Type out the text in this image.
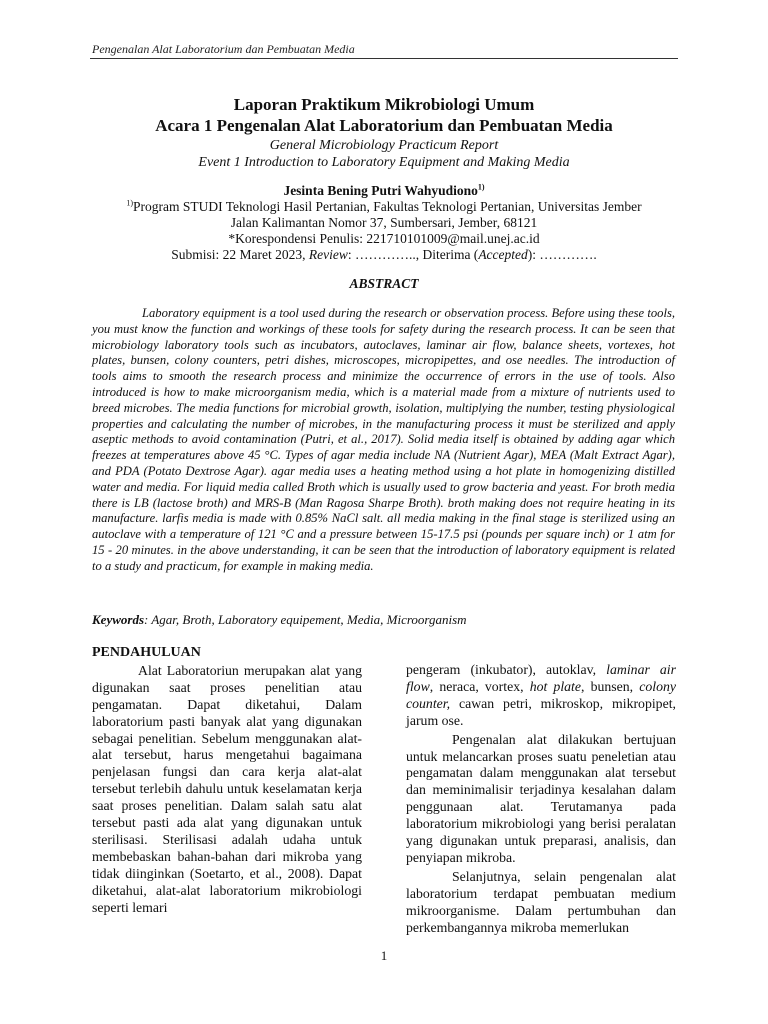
Pengenalan Alat Laboratorium dan Pembuatan Media
Laporan Praktikum Mikrobiologi Umum
Acara 1 Pengenalan Alat Laboratorium dan Pembuatan Media
General Microbiology Practicum Report
Event 1 Introduction to Laboratory Equipment and Making Media
Jesinta Bening Putri Wahyudiono$^{1)}$
$^{1)}$Program STUDI Teknologi Hasil Pertanian, Fakultas Teknologi Pertanian, Universitas Jember
Jalan Kalimantan Nomor 37, Sumbersari, Jember, 68121
*Korespondensi Penulis: 221710101009@mail.unej.ac.id
Submisi: 22 Maret 2023, Review: ………….., Diterima (Accepted): ………….
ABSTRACT

Laboratory equipment is a tool used during the research or observation process. Before using these tools, you must know the function and workings of these tools for safety during the research process. It can be seen that microbiology laboratory tools such as incubators, autoclaves, laminar air flow, balance sheets, vortexes, hot plates, bunsen, colony counters, petri dishes, microscopes, micropipettes, and ose needles. The introduction of tools aims to smooth the research process and minimize the occurrence of errors in the use of tools. Also introduced is how to make microorganism media, which is a material made from a mixture of nutrients used to breed microbes. The media functions for microbial growth, isolation, multiplying the number, testing physiological properties and calculating the number of microbes, in the manufacturing process it must be sterilized and apply aseptic methods to avoid contamination (Putri, et al., 2017). Solid media itself is obtained by adding agar which freezes at temperatures above 45 °C. Types of agar media include NA (Nutrient Agar), MEA (Malt Extract Agar), and PDA (Potato Dextrose Agar). agar media uses a heating method using a hot plate in homogenizing distilled water and media. For liquid media called Broth which is usually used to grow bacteria and yeast. For broth media there is LB (lactose broth) and MRS-B (Man Ragosa Sharpe Broth). broth making does not require heating in its manufacture. larfis media is made with 0.85% NaCl salt. all media making in the final stage is sterilized using an autoclave with a temperature of 121 °C and a pressure between 15-17.5 psi (pounds per square inch) or 1 atm for 15 - 20 minutes. in the above understanding, it can be seen that the introduction of laboratory equipment is related to a study and practicum, for example in making media.

Keywords: Agar, Broth, Laboratory equipement, Media, Microorganism

PENDAHULUAN

Alat Laboratoriun merupakan alat yang digunakan saat proses penelitian atau pengamatan. Dapat diketahui, Dalam laboratorium pasti banyak alat yang digunakan sebagai penelitian. Sebelum menggunakan alat-alat tersebut, harus mengetahui bagaimana penjelasan fungsi dan cara kerja alat-alat tersebut terlebih dahulu untuk keselamatan kerja saat proses penelitian. Dalam salah satu alat tersebut pasti ada alat yang digunakan untuk sterilisasi. Sterilisasi adalah udaha untuk membebaskan bahan-bahan dari mikroba yang tidak diinginkan (Soetarto, et al., 2008). Dapat diketahui, alat-alat laboratorium mikrobiologi seperti lemari

pengeram (inkubator), autoklav, laminar air flow, neraca, vortex, hot plate, bunsen, colony counter, cawan petri, mikroskop, mikropipet, jarum ose.

Pengenalan alat dilakukan bertujuan untuk melancarkan proses suatu peneletian atau pengamatan dalam menggunakan alat tersebut dan meminimalisir terjadinya kesalahan dalam penggunaan alat. Terutamanya pada laboratorium mikrobiologi yang berisi peralatan yang digunakan untuk preparasi, analisis, dan penyiapan mikroba.

Selanjutnya, selain pengenalan alat laboratorium terdapat pembuatan medium mikroorganisme. Dalam pertumbuhan dan perkembangannya mikroba memerlukan

1
